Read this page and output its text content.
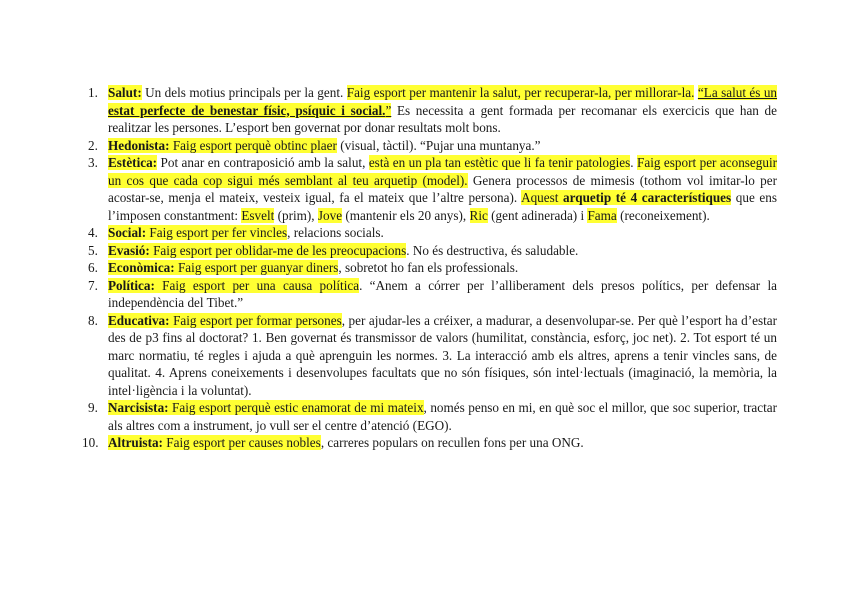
1. Salut: Un dels motius principals per la gent. Faig esport per mantenir la salut, per recuperar-la, per millorar-la. “La salut és un estat perfecte de benestar físic, psíquic i social.” Es necessita a gent formada per recomanar els exercicis que han de realitzar les persones. L’esport ben governat por donar resultats molt bons.
2. Hedonista: Faig esport perquè obtinc plaer (visual, tàctil). “Pujar una muntanya.”
3. Estètica: Pot anar en contraposició amb la salut, està en un pla tan estètic que li fa tenir patologies. Faig esport per aconseguir un cos que cada cop sigui més semblant al teu arquetip (model). Genera processos de mimesis (tothom vol imitar-lo per acostar-se, menja el mateix, vesteix igual, fa el mateix que l’altre persona). Aquest arquetip té 4 característiques que ens l’imposen constantment: Esvelt (prim), Jove (mantenir els 20 anys), Ric (gent adinerada) i Fama (reconeixement).
4. Social: Faig esport per fer vincles, relacions socials.
5. Evasió: Faig esport per oblidar-me de les preocupacions. No és destructiva, és saludable.
6. Econòmica: Faig esport per guanyar diners, sobretot ho fan els professionals.
7. Política: Faig esport per una causa política. “Anem a córrer per l’alliberament dels presos polítics, per defensar la independència del Tibet.”
8. Educativa: Faig esport per formar persones, per ajudar-les a créixer, a madurar, a desenvolupar-se. Per què l’esport ha d’estar des de p3 fins al doctorat? 1. Ben governat és transmissor de valors (humilitat, constància, esforç, joc net). 2. Tot esport té un marc normatiu, té regles i ajuda a què aprenguin les normes. 3. La interacció amb els altres, aprens a tenir vincles sans, de qualitat. 4. Aprens coneixements i desenvolupes facultats que no són físiques, són intel·lectuals (imaginació, la memòria, la intel·ligència i la voluntat).
9. Narcisista: Faig esport perquè estic enamorat de mi mateix, només penso en mi, en què soc el millor, que soc superior, tractar als altres com a instrument, jo vull ser el centre d’atenció (EGO).
10. Altruista: Faig esport per causes nobles, carreres populars on recullen fons per una ONG.
